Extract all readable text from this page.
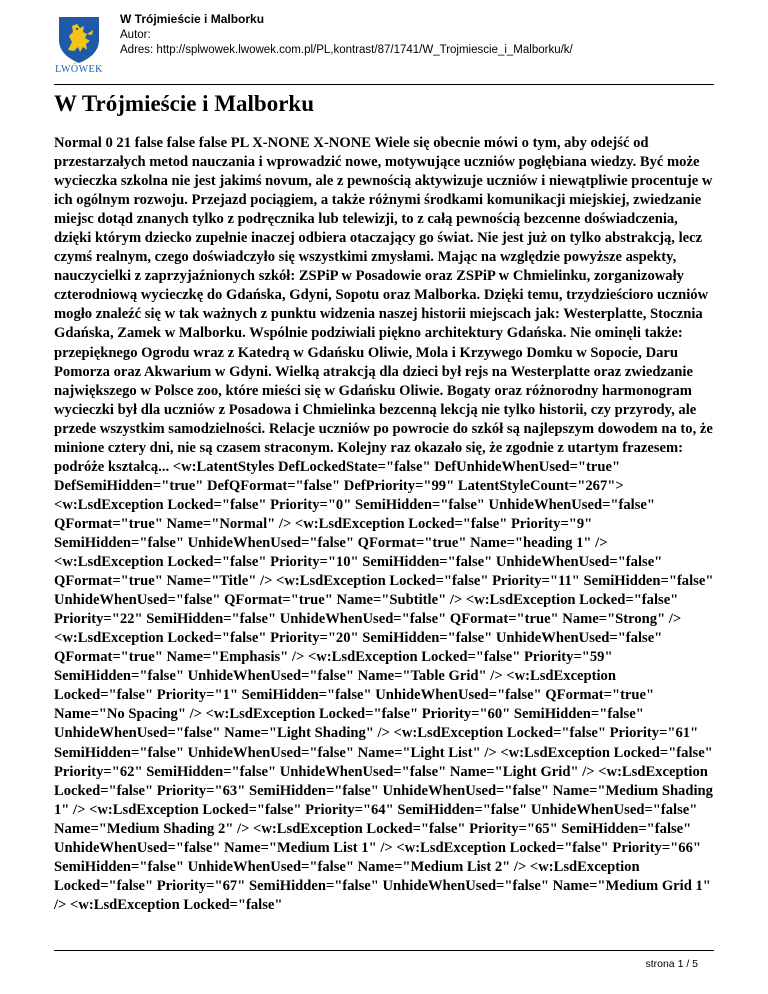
LWÓWEK
W Trójmieście i Malborku
Autor:
Adres: http://splwowek.lwowek.com.pl/PL,kontrast/87/1741/W_Trojmiescie_i_Malborku/k/
W Trójmieście i Malborku

Normal 0 21 false false false PL X-NONE X-NONE Wiele się obecnie mówi o tym, aby odejść od przestarzałych metod nauczania i wprowadzić nowe, motywujące uczniów pogłębiana wiedzy. Być może wycieczka szkolna nie jest jakimś novum, ale z pewnością aktywizuje uczniów i niewątpliwie procentuje w ich ogólnym rozwoju. Przejazd pociągiem, a także różnymi środkami komunikacji miejskiej, zwiedzanie miejsc dotąd znanych tylko z podręcznika lub telewizji, to z całą pewnością bezcenne doświadczenia, dzięki którym dziecko zupełnie inaczej odbiera otaczający go świat. Nie jest już on tylko abstrakcją, lecz czymś realnym, czego doświadczyło się wszystkimi zmysłami. Mając na względzie powyższe aspekty, nauczycielki z zaprzyjaźnionych szkół: ZSPiP w Posadowie oraz ZSPiP w Chmielinku, zorganizowały czterodniową wycieczkę do Gdańska, Gdyni, Sopotu oraz Malborka. Dzięki temu, trzydzieścioro uczniów mogło znaleźć się w tak ważnych z punktu widzenia naszej historii miejscach jak: Westerplatte, Stocznia Gdańska, Zamek w Malborku. Wspólnie podziwiali piękno architektury Gdańska. Nie ominęli także: przepięknego Ogrodu wraz z Katedrą w Gdańsku Oliwie, Mola i Krzywego Domku w Sopocie, Daru Pomorza oraz Akwarium w Gdyni. Wielką atrakcją dla dzieci był rejs na Westerplatte oraz zwiedzanie największego w Polsce zoo, które mieści się w Gdańsku Oliwie. Bogaty oraz różnorodny harmonogram wycieczki był dla uczniów z Posadowa i Chmielinka bezcenną lekcją nie tylko historii, czy przyrody, ale przede wszystkim samodzielności. Relacje uczniów po powrocie do szkół są najlepszym dowodem na to, że minione cztery dni, nie są czasem straconym. Kolejny raz okazało się, że zgodnie z utartym frazesem: podróże kształcą... <w:LatentStyles DefLockedState="false" DefUnhideWhenUsed="true" DefSemiHidden="true" DefQFormat="false" DefPriority="99" LatentStyleCount="267"> <w:LsdException Locked="false" Priority="0" SemiHidden="false" UnhideWhenUsed="false" QFormat="true" Name="Normal" /> <w:LsdException Locked="false" Priority="9" SemiHidden="false" UnhideWhenUsed="false" QFormat="true" Name="heading 1" /> <w:LsdException Locked="false" Priority="10" SemiHidden="false" UnhideWhenUsed="false" QFormat="true" Name="Title" /> <w:LsdException Locked="false" Priority="11" SemiHidden="false" UnhideWhenUsed="false" QFormat="true" Name="Subtitle" /> <w:LsdException Locked="false" Priority="22" SemiHidden="false" UnhideWhenUsed="false" QFormat="true" Name="Strong" /> <w:LsdException Locked="false" Priority="20" SemiHidden="false" UnhideWhenUsed="false" QFormat="true" Name="Emphasis" /> <w:LsdException Locked="false" Priority="59" SemiHidden="false" UnhideWhenUsed="false" Name="Table Grid" /> <w:LsdException Locked="false" Priority="1" SemiHidden="false" UnhideWhenUsed="false" QFormat="true" Name="No Spacing" /> <w:LsdException Locked="false" Priority="60" SemiHidden="false" UnhideWhenUsed="false" Name="Light Shading" /> <w:LsdException Locked="false" Priority="61" SemiHidden="false" UnhideWhenUsed="false" Name="Light List" /> <w:LsdException Locked="false" Priority="62" SemiHidden="false" UnhideWhenUsed="false" Name="Light Grid" /> <w:LsdException Locked="false" Priority="63" SemiHidden="false" UnhideWhenUsed="false" Name="Medium Shading 1" /> <w:LsdException Locked="false" Priority="64" SemiHidden="false" UnhideWhenUsed="false" Name="Medium Shading 2" /> <w:LsdException Locked="false" Priority="65" SemiHidden="false" UnhideWhenUsed="false" Name="Medium List 1" /> <w:LsdException Locked="false" Priority="66" SemiHidden="false" UnhideWhenUsed="false" Name="Medium List 2" /> <w:LsdException Locked="false" Priority="67" SemiHidden="false" UnhideWhenUsed="false" Name="Medium Grid 1" /> <w:LsdException Locked="false"

strona 1 / 5
